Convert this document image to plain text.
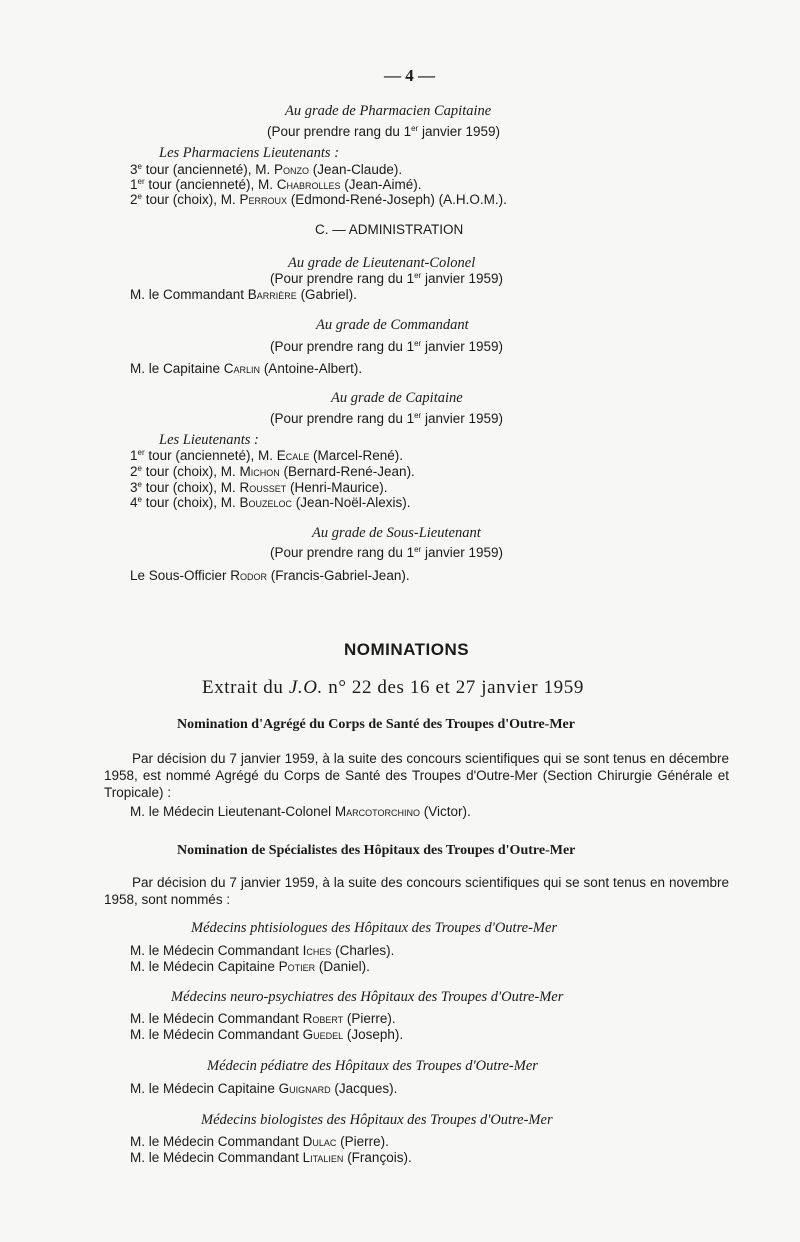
— 4 —
Au grade de Pharmacien Capitaine
(Pour prendre rang du 1er janvier 1959)
Les Pharmaciens Lieutenants :
3e tour (ancienneté), M. Ponzo (Jean-Claude).
1er tour (ancienneté), M. Chabrolles (Jean-Aimé).
2e tour (choix), M. Perroux (Edmond-René-Joseph) (A.H.O.M.).
C. — ADMINISTRATION
Au grade de Lieutenant-Colonel
(Pour prendre rang du 1er janvier 1959)
M. le Commandant Barrière (Gabriel).
Au grade de Commandant
(Pour prendre rang du 1er janvier 1959)
M. le Capitaine Carlin (Antoine-Albert).
Au grade de Capitaine
(Pour prendre rang du 1er janvier 1959)
Les Lieutenants :
1er tour (ancienneté), M. Ecale (Marcel-René).
2e tour (choix), M. Michon (Bernard-René-Jean).
3e tour (choix), M. Rousset (Henri-Maurice).
4e tour (choix), M. Bouzeloc (Jean-Noël-Alexis).
Au grade de Sous-Lieutenant
(Pour prendre rang du 1er janvier 1959)
Le Sous-Officier Rodor (Francis-Gabriel-Jean).
NOMINATIONS
Extrait du J.O. n° 22 des 16 et 27 janvier 1959
Nomination d'Agrégé du Corps de Santé des Troupes d'Outre-Mer
Par décision du 7 janvier 1959, à la suite des concours scientifiques qui se sont tenus en décembre 1958, est nommé Agrégé du Corps de Santé des Troupes d'Outre-Mer (Section Chirurgie Générale et Tropicale) :
M. le Médecin Lieutenant-Colonel Marcotorchino (Victor).
Nomination de Spécialistes des Hôpitaux des Troupes d'Outre-Mer
Par décision du 7 janvier 1959, à la suite des concours scientifiques qui se sont tenus en novembre 1958, sont nommés :
Médecins phtisiologues des Hôpitaux des Troupes d'Outre-Mer
M. le Médecin Commandant Iches (Charles).
M. le Médecin Capitaine Potier (Daniel).
Médecins neuro-psychiatres des Hôpitaux des Troupes d'Outre-Mer
M. le Médecin Commandant Robert (Pierre).
M. le Médecin Commandant Guedel (Joseph).
Médecin pédiatre des Hôpitaux des Troupes d'Outre-Mer
M. le Médecin Capitaine Guignard (Jacques).
Médecins biologistes des Hôpitaux des Troupes d'Outre-Mer
M. le Médecin Commandant Dulac (Pierre).
M. le Médecin Commandant Litalien (François).
